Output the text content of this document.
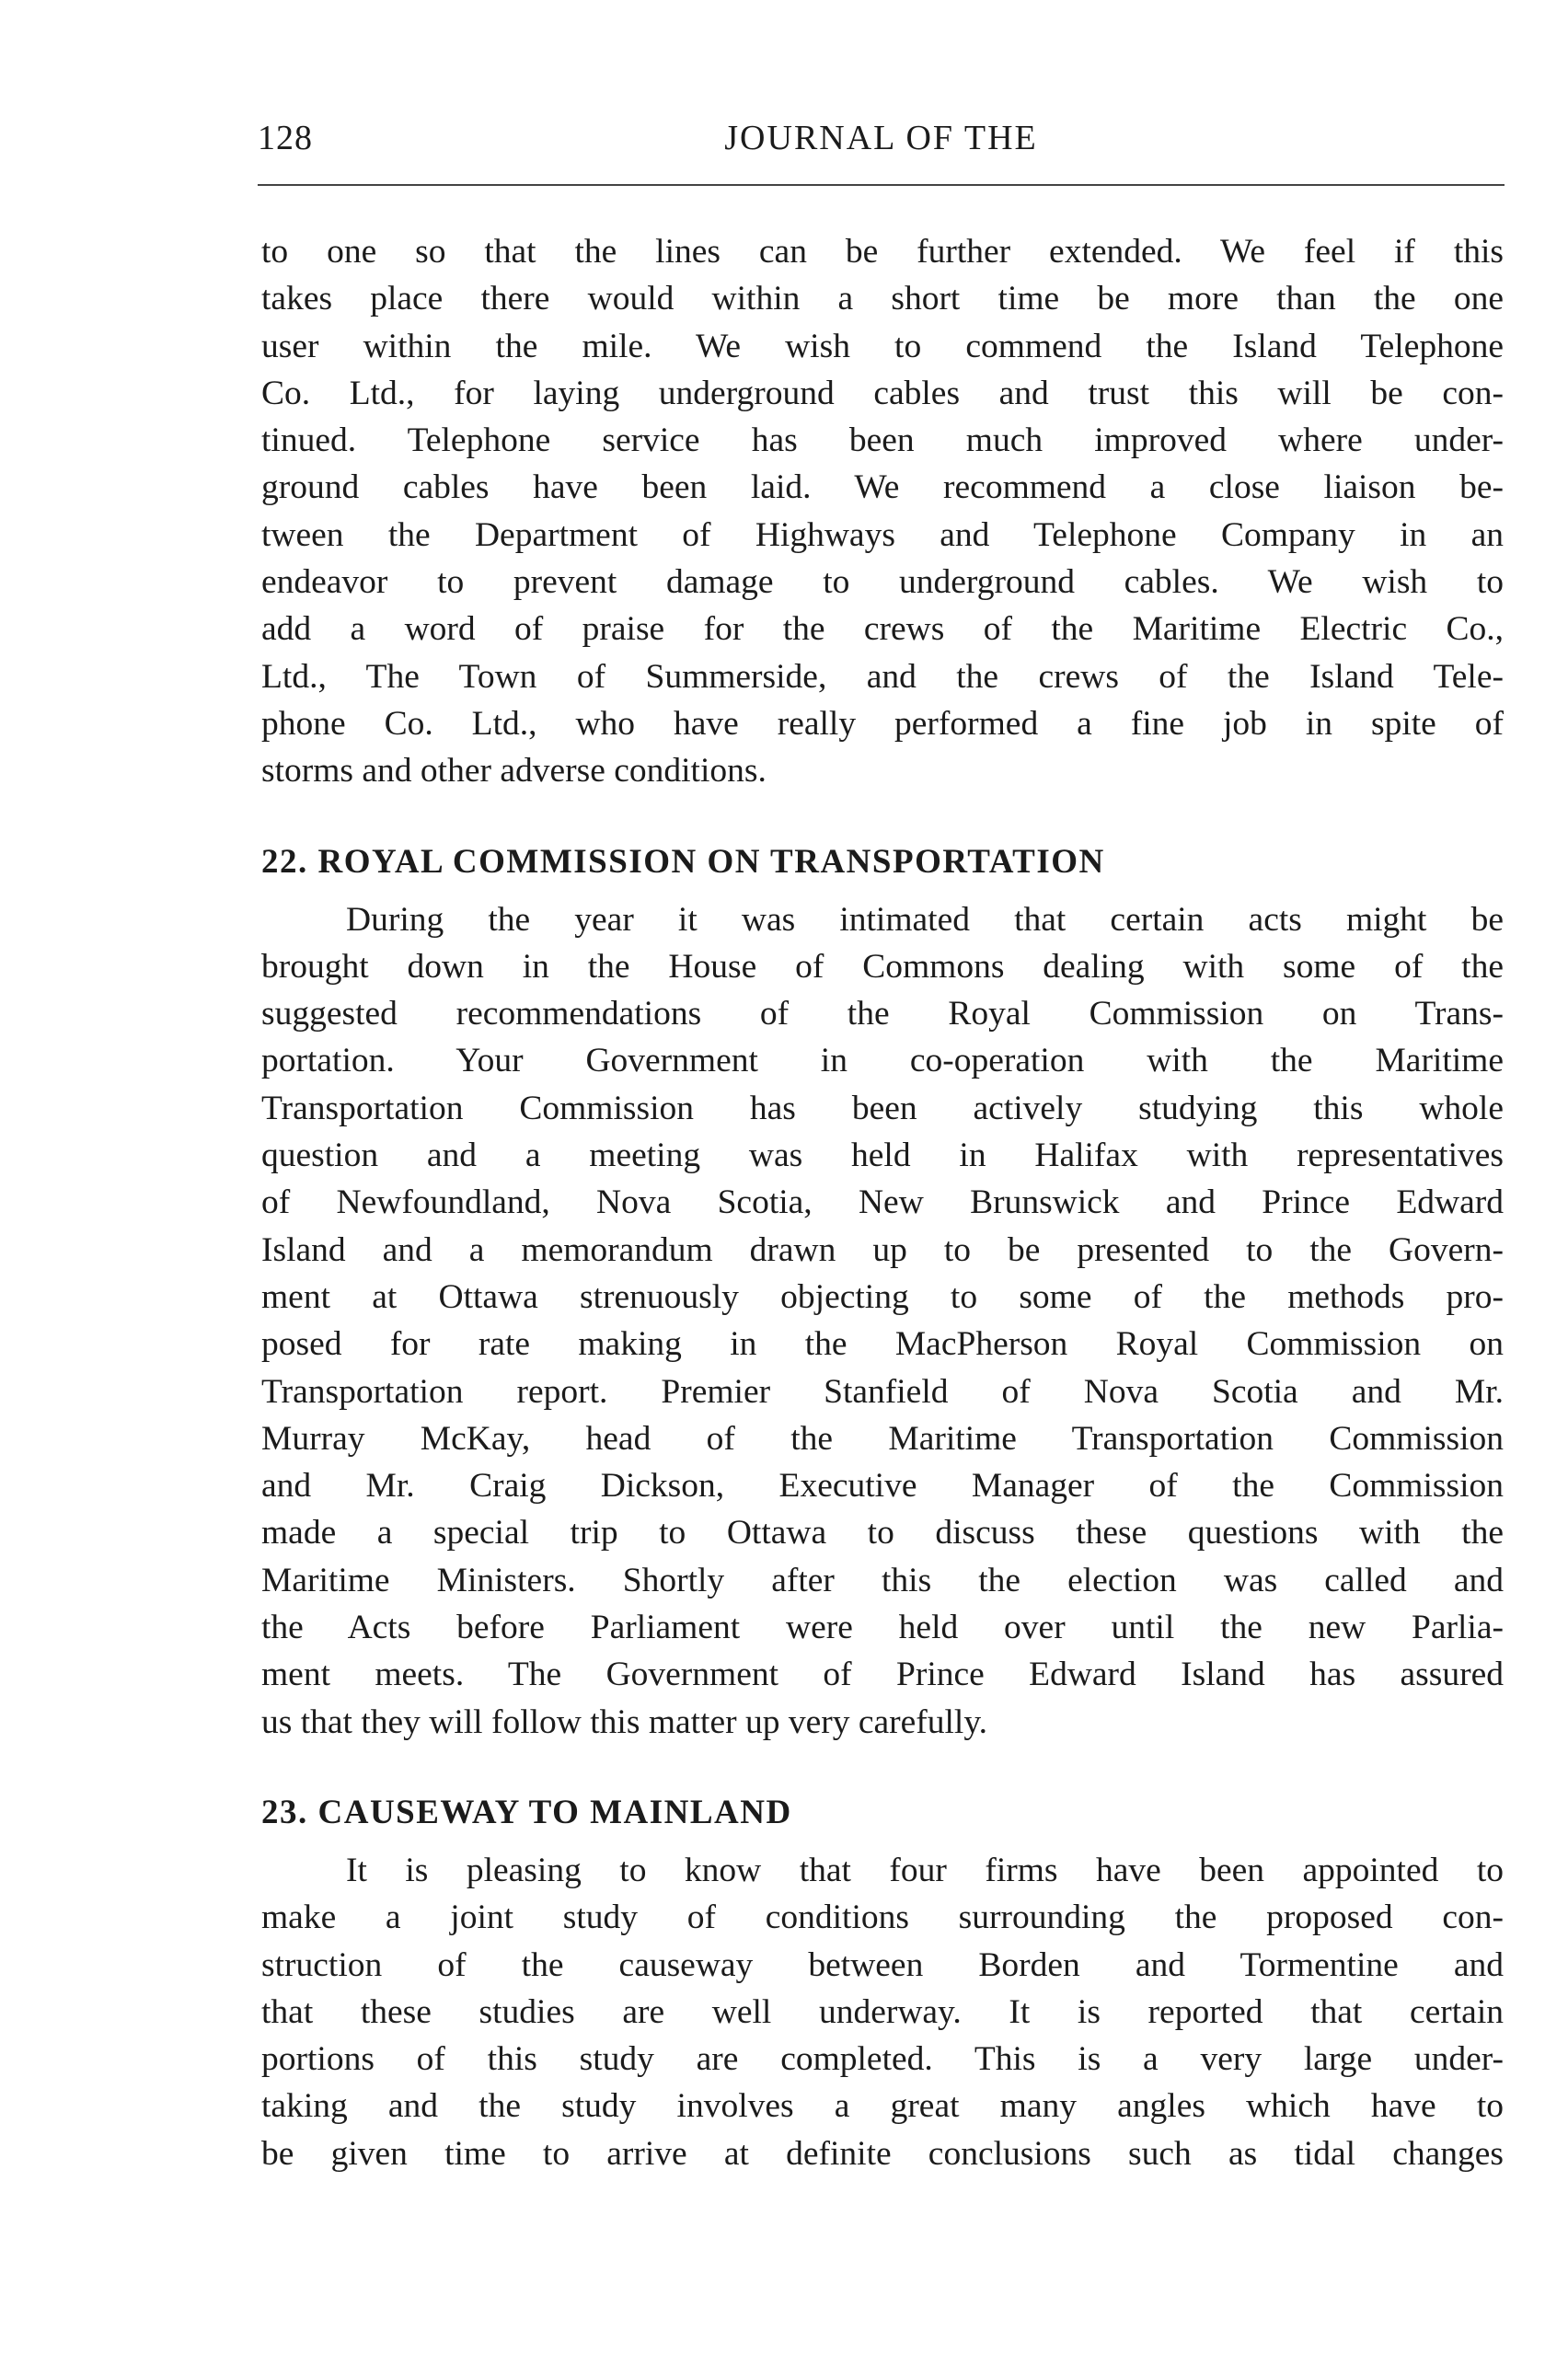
128	JOURNAL OF THE
to one so that the lines can be further extended. We feel if this
takes place there would within a short time be more than the one
user within the mile. We wish to commend the Island Telephone
Co. Ltd., for laying underground cables and trust this will be con-
tinued. Telephone service has been much improved where under-
ground cables have been laid. We recommend a close liaison be-
tween the Department of Highways and Telephone Company in an
endeavor to prevent damage to underground cables. We wish to
add a word of praise for the crews of the Maritime Electric Co.,
Ltd., The Town of Summerside, and the crews of the Island Tele-
phone Co. Ltd., who have really performed a fine job in spite of
storms and other adverse conditions.
22. ROYAL COMMISSION ON TRANSPORTATION
During the year it was intimated that certain acts might be
brought down in the House of Commons dealing with some of the
suggested recommendations of the Royal Commission on Trans-
portation. Your Government in co-operation with the Maritime
Transportation Commission has been actively studying this whole
question and a meeting was held in Halifax with representatives
of Newfoundland, Nova Scotia, New Brunswick and Prince Edward
Island and a memorandum drawn up to be presented to the Govern-
ment at Ottawa strenuously objecting to some of the methods pro-
posed for rate making in the MacPherson Royal Commission on
Transportation report. Premier Stanfield of Nova Scotia and Mr.
Murray McKay, head of the Maritime Transportation Commission
and Mr. Craig Dickson, Executive Manager of the Commission
made a special trip to Ottawa to discuss these questions with the
Maritime Ministers. Shortly after this the election was called and
the Acts before Parliament were held over until the new Parlia-
ment meets. The Government of Prince Edward Island has assured
us that they will follow this matter up very carefully.
23. CAUSEWAY TO MAINLAND
It is pleasing to know that four firms have been appointed to
make a joint study of conditions surrounding the proposed con-
struction of the causeway between Borden and Tormentine and
that these studies are well underway. It is reported that certain
portions of this study are completed. This is a very large under-
taking and the study involves a great many angles which have to
be given time to arrive at definite conclusions such as tidal changes
